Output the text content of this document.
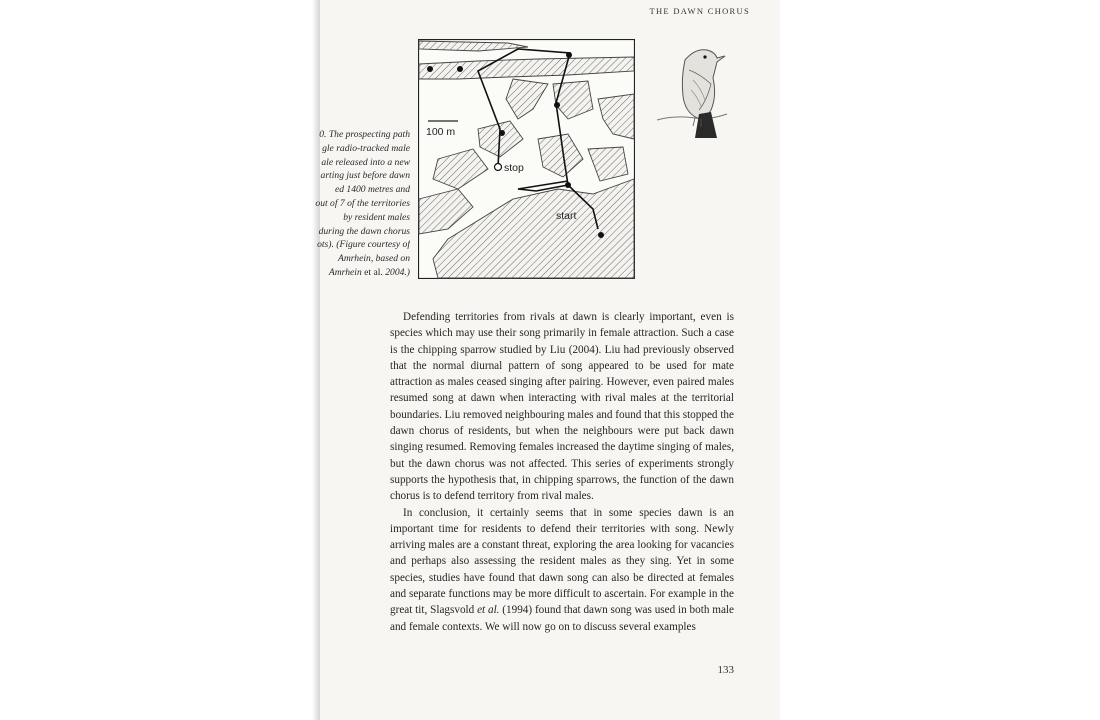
THE DAWN CHORUS
0. The prospecting path
gle radio-tracked male
ale released into a new
arting just before dawn
ed 1400 metres and
out of 7 of the territories
by resident males
during the dawn chorus
ots). (Figure courtesy of
Amrhein, based on
Amrhein et al. 2004.)
100 m
stop
start

Defending territories from rivals at dawn is clearly important, even is species which may use their song primarily in female attraction. Such a case is the chipping sparrow studied by Liu (2004). Liu had previously observed that the normal diurnal pattern of song appeared to be used for mate attraction as males ceased singing after pairing. However, even paired males resumed song at dawn when interacting with rival males at the territorial boundaries. Liu removed neighbouring males and found that this stopped the dawn chorus of residents, but when the neighbours were put back dawn singing resumed. Removing females increased the daytime singing of males, but the dawn chorus was not affected. This series of experiments strongly supports the hypothesis that, in chipping sparrows, the function of the dawn chorus is to defend territory from rival males.

In conclusion, it certainly seems that in some species dawn is an important time for residents to defend their territories with song. Newly arriving males are a constant threat, exploring the area looking for vacancies and perhaps also assessing the resident males as they sing. Yet in some species, studies have found that dawn song can also be directed at females and separate functions may be more difficult to ascertain. For example in the great tit, Slagsvold et al. (1994) found that dawn song was used in both male and female contexts. We will now go on to discuss several examples

133
